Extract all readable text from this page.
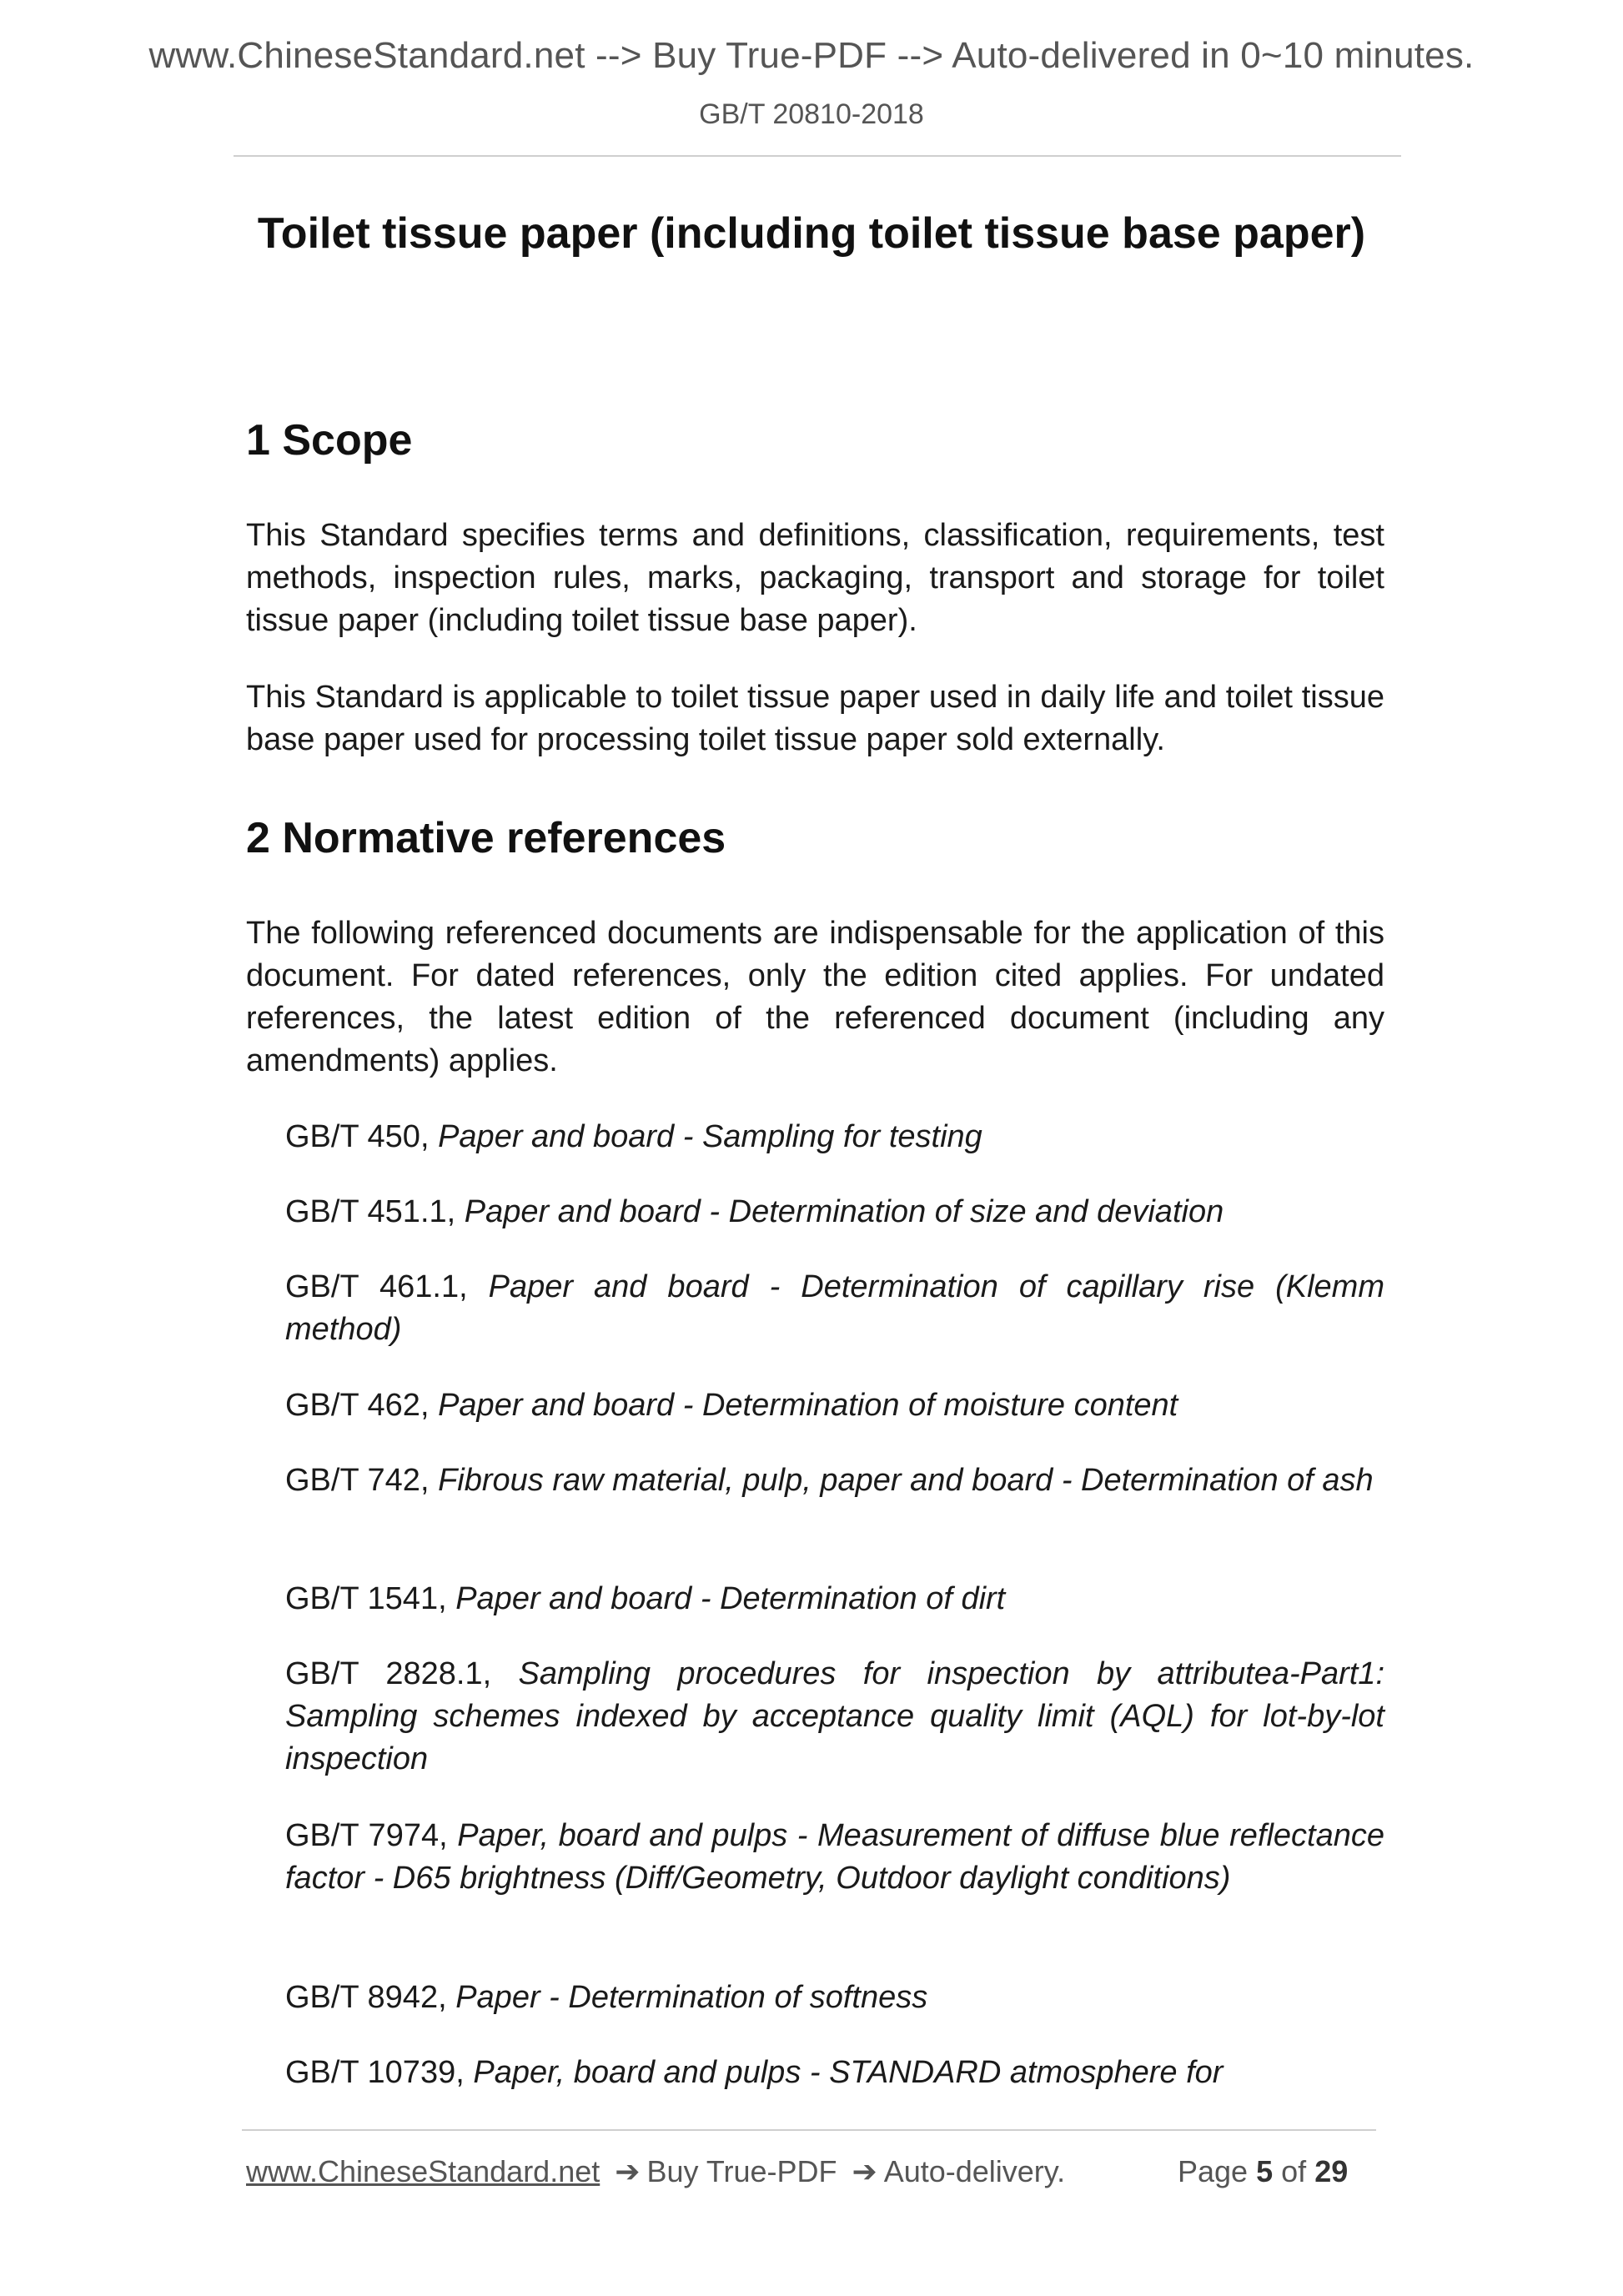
www.ChineseStandard.net --> Buy True-PDF --> Auto-delivered in 0~10 minutes.
GB/T 20810-2018
Toilet tissue paper (including toilet tissue base paper)
1 Scope
This Standard specifies terms and definitions, classification, requirements, test methods, inspection rules, marks, packaging, transport and storage for toilet tissue paper (including toilet tissue base paper).
This Standard is applicable to toilet tissue paper used in daily life and toilet tissue base paper used for processing toilet tissue paper sold externally.
2 Normative references
The following referenced documents are indispensable for the application of this document. For dated references, only the edition cited applies. For undated references, the latest edition of the referenced document (including any amendments) applies.
GB/T 450, Paper and board - Sampling for testing
GB/T 451.1, Paper and board - Determination of size and deviation
GB/T 461.1, Paper and board - Determination of capillary rise (Klemm method)
GB/T 462, Paper and board - Determination of moisture content
GB/T 742, Fibrous raw material, pulp, paper and board - Determination of ash
GB/T 1541, Paper and board - Determination of dirt
GB/T 2828.1, Sampling procedures for inspection by attributea-Part1: Sampling schemes indexed by acceptance quality limit (AQL) for lot-by-lot inspection
GB/T 7974, Paper, board and pulps - Measurement of diffuse blue reflectance factor - D65 brightness (Diff/Geometry, Outdoor daylight conditions)
GB/T 8942, Paper - Determination of softness
GB/T 10739, Paper, board and pulps - STANDARD atmosphere for
www.ChineseStandard.net ➔ Buy True-PDF ➔ Auto-delivery.	Page 5 of 29
